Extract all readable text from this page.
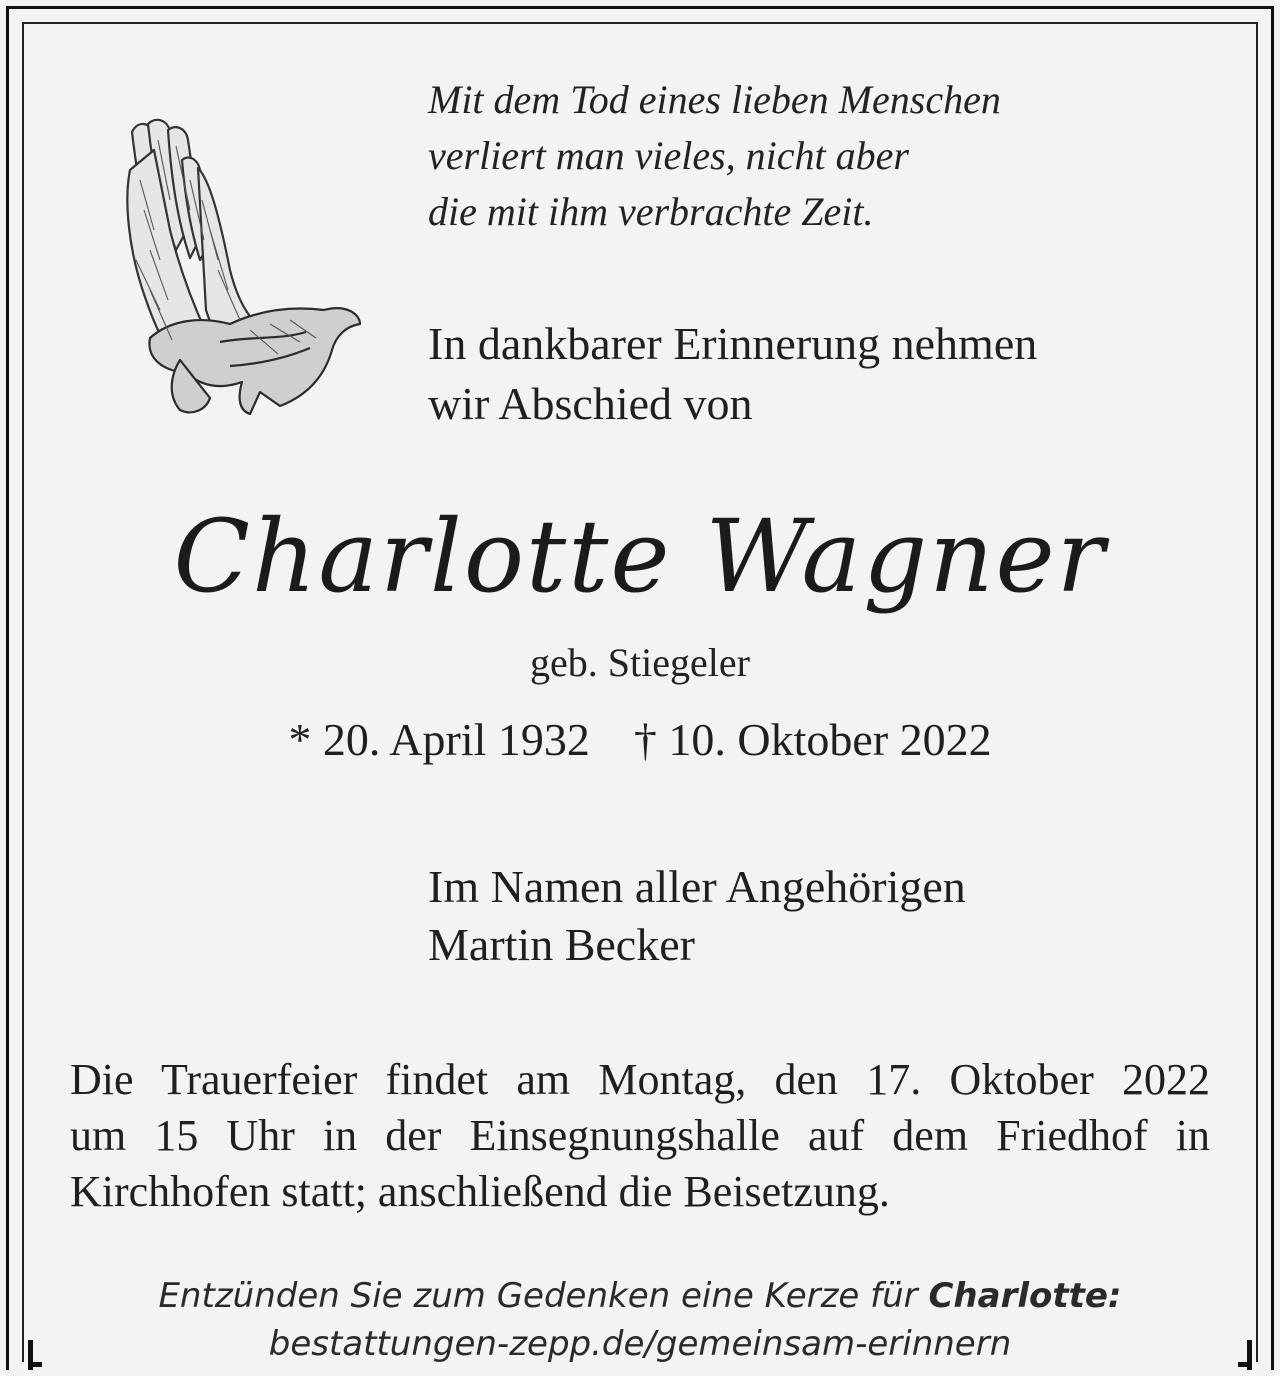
Mit dem Tod eines lieben Menschen
verliert man vieles, nicht aber
die mit ihm verbrachte Zeit.
In dankbarer Erinnerung nehmen
wir Abschied von
Charlotte Wagner
geb. Stiegeler
* 20. April 1932 † 10. Oktober 2022
Im Namen aller Angehörigen
Martin Becker
Die Trauerfeier findet am Montag, den 17. Oktober 2022
um 15 Uhr in der Einsegnungshalle auf dem Friedhof in
Kirchhofen statt; anschließend die Beisetzung.
Entzünden Sie zum Gedenken eine Kerze für Charlotte:
bestattungen-zepp.de/gemeinsam-erinnern
